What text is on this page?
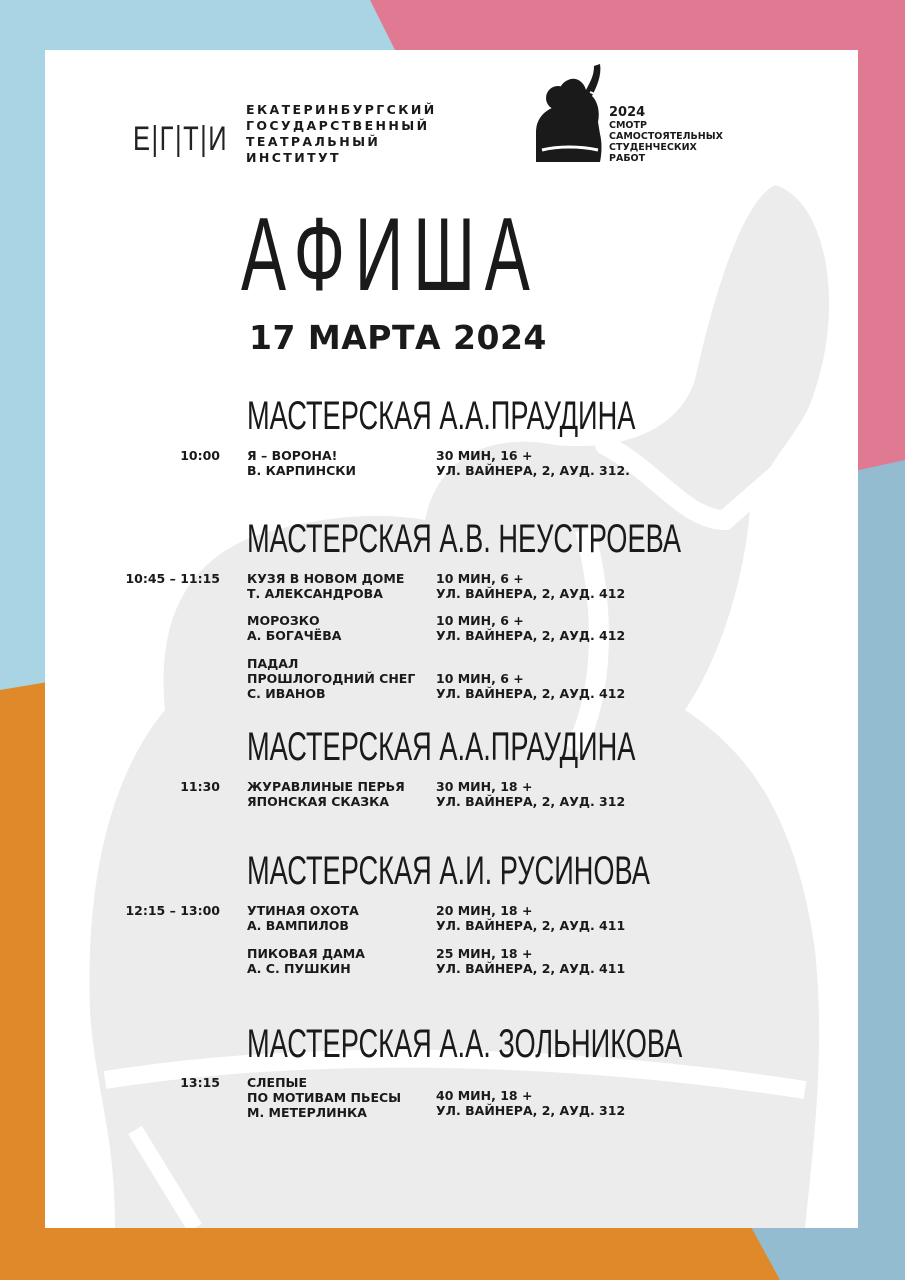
Е|Г|Т|И
ЕКАТЕРИНБУРГСКИЙ
ГОСУДАРСТВЕННЫЙ
ТЕАТРАЛЬНЫЙ
ИНСТИТУТ
2024
СМОТР
САМОСТОЯТЕЛЬНЫХ
СТУДЕНЧЕСКИХ
РАБОТ
АФИША
17 МАРТА 2024
МАСТЕРСКАЯ А.А.ПРАУДИНА
10:00 Я – ВОРОНА!
В. КАРПИНСКИ
30 МИН, 16 +
УЛ. ВАЙНЕРА, 2, АУД. 312.
МАСТЕРСКАЯ А.В. НЕУСТРОЕВА
10:45 – 11:15 КУЗЯ В НОВОМ ДОМЕ
Т. АЛЕКСАНДРОВА
10 МИН, 6 +
УЛ. ВАЙНЕРА, 2, АУД. 412
МОРОЗКО
А. БОГАЧЁВА
10 МИН, 6 +
УЛ. ВАЙНЕРА, 2, АУД. 412
ПАДАЛ
ПРОШЛОГОДНИЙ СНЕГ
С. ИВАНОВ
10 МИН, 6 +
УЛ. ВАЙНЕРА, 2, АУД. 412
МАСТЕРСКАЯ А.А.ПРАУДИНА
11:30 ЖУРАВЛИНЫЕ ПЕРЬЯ
ЯПОНСКАЯ СКАЗКА
30 МИН, 18 +
УЛ. ВАЙНЕРА, 2, АУД. 312
МАСТЕРСКАЯ А.И. РУСИНОВА
12:15 – 13:00 УТИНАЯ ОХОТА
А. ВАМПИЛОВ
20 МИН, 18 +
УЛ. ВАЙНЕРА, 2, АУД. 411
ПИКОВАЯ ДАМА
А. С. ПУШКИН
25 МИН, 18 +
УЛ. ВАЙНЕРА, 2, АУД. 411
МАСТЕРСКАЯ А.А. ЗОЛЬНИКОВА
13:15 СЛЕПЫЕ
ПО МОТИВАМ ПЬЕСЫ
М. МЕТЕРЛИНКА
40 МИН, 18 +
УЛ. ВАЙНЕРА, 2, АУД. 312
